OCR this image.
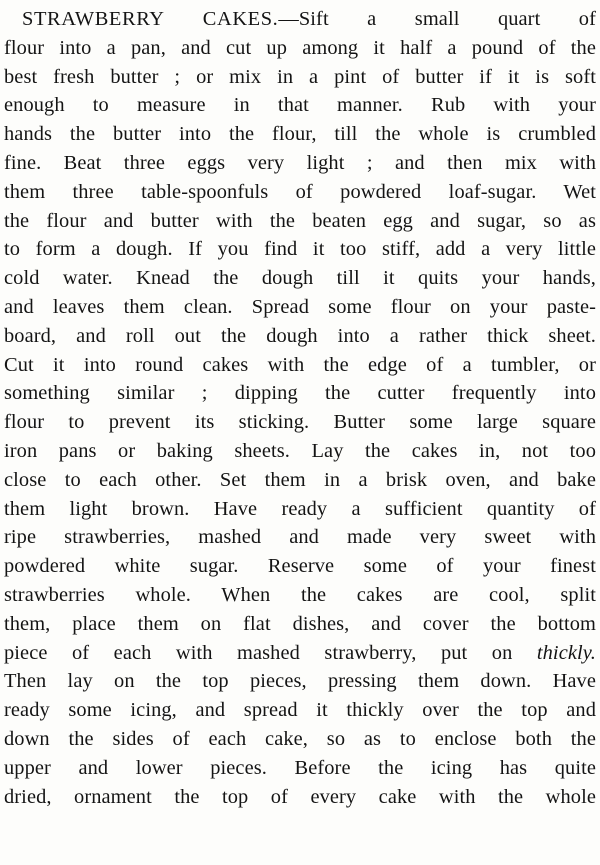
STRAWBERRY CAKES.—Sift a small quart of
flour into a pan, and cut up among it half a pound of the
best fresh butter ; or mix in a pint of butter if it is soft
enough to measure in that manner. Rub with your
hands the butter into the flour, till the whole is crumbled
fine. Beat three eggs very light ; and then mix with
them three table-spoonfuls of powdered loaf-sugar. Wet
the flour and butter with the beaten egg and sugar, so as
to form a dough. If you find it too stiff, add a very little
cold water. Knead the dough till it quits your hands,
and leaves them clean. Spread some flour on your paste-
board, and roll out the dough into a rather thick sheet.
Cut it into round cakes with the edge of a tumbler, or
something similar ; dipping the cutter frequently into
flour to prevent its sticking. Butter some large square
iron pans or baking sheets. Lay the cakes in, not too
close to each other. Set them in a brisk oven, and bake
them light brown. Have ready a sufficient quantity of
ripe strawberries, mashed and made very sweet with
powdered white sugar. Reserve some of your finest
strawberries whole. When the cakes are cool, split
them, place them on flat dishes, and cover the bottom
piece of each with mashed strawberry, put on thickly.
Then lay on the top pieces, pressing them down. Have
ready some icing, and spread it thickly over the top and
down the sides of each cake, so as to enclose both the
upper and lower pieces. Before the icing has quite
dried, ornament the top of every cake with the whole
